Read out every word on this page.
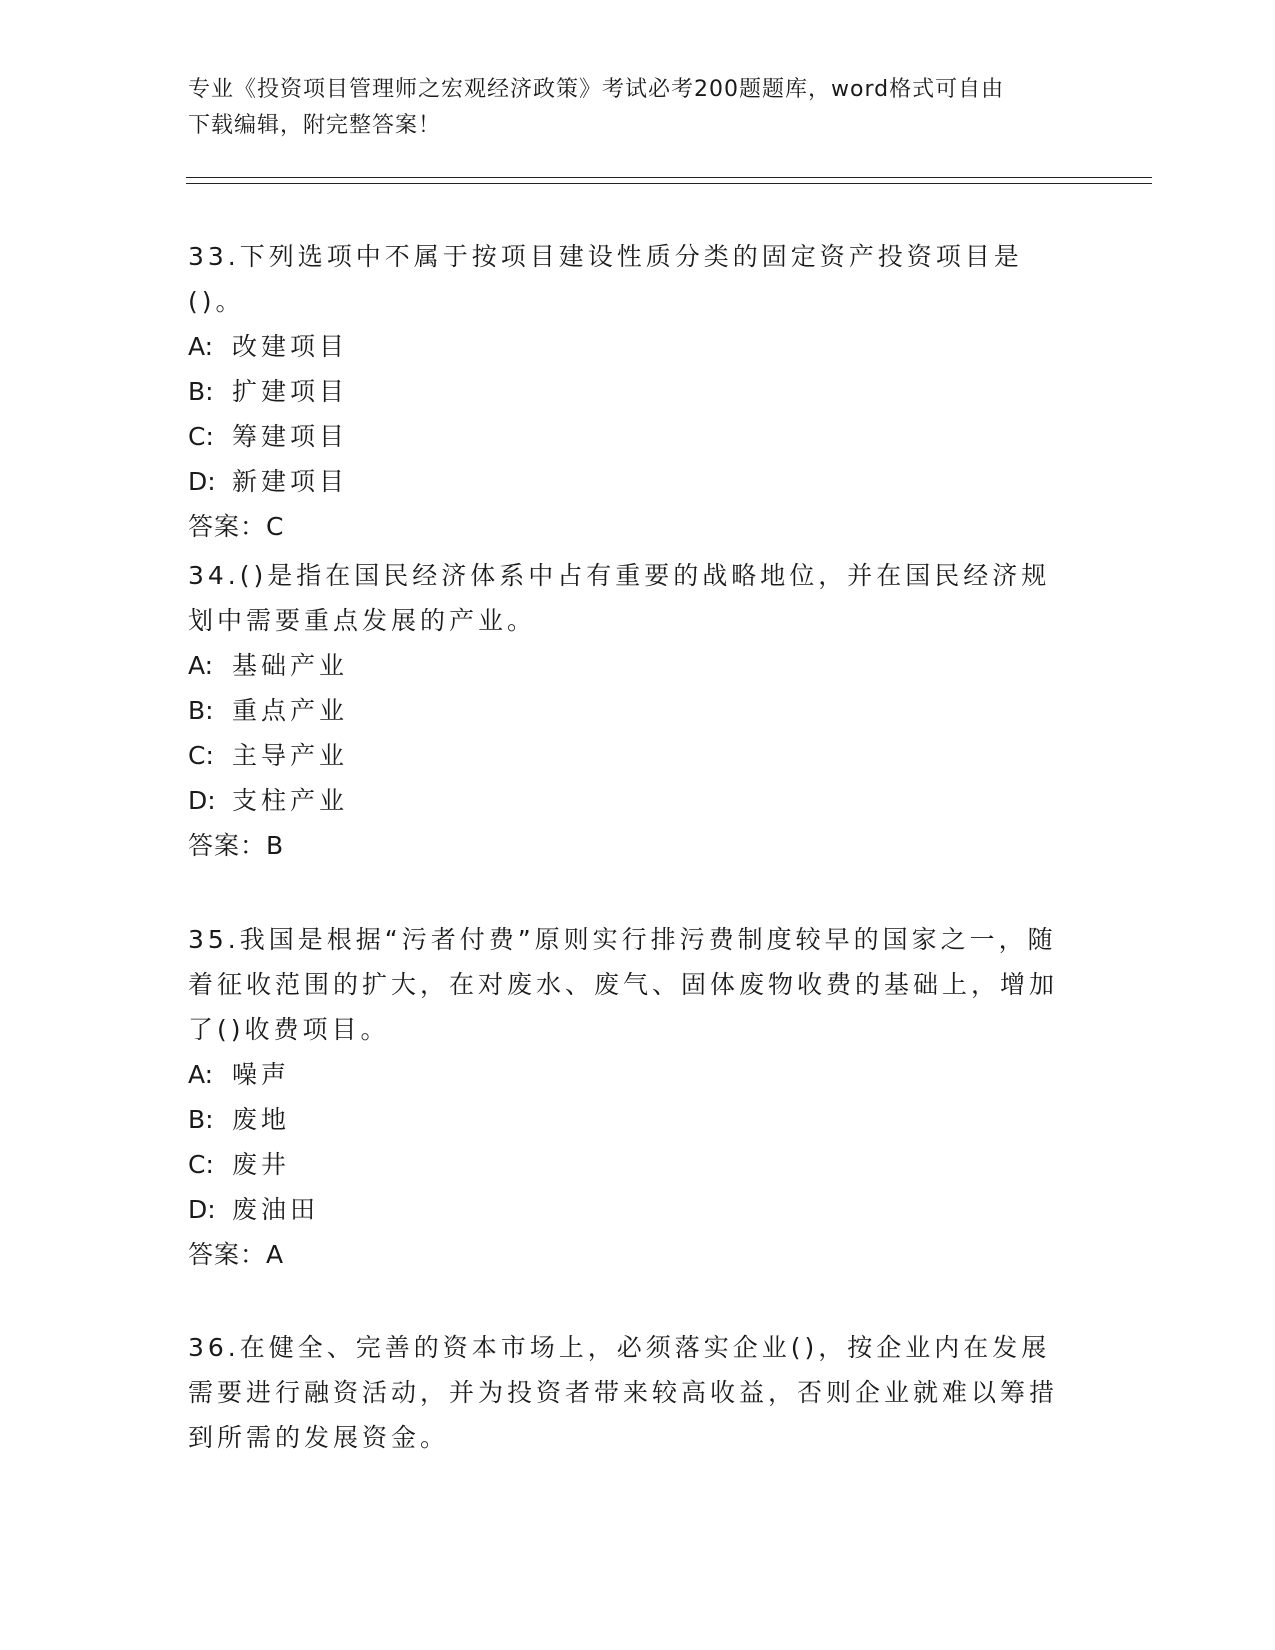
专业《投资项目管理师之宏观经济政策》考试必考200题题库，word格式可自由
下载编辑，附完整答案！
33.下列选项中不属于按项目建设性质分类的固定资产投资项目是()。
A: 改建项目
B: 扩建项目
C: 筹建项目
D: 新建项目
答案：C
34.()是指在国民经济体系中占有重要的战略地位，并在国民经济规划中需要重点发展的产业。
A: 基础产业
B: 重点产业
C: 主导产业
D: 支柱产业
答案：B
35.我国是根据“污者付费”原则实行排污费制度较早的国家之一，随着征收范围的扩大，在对废水、废气、固体废物收费的基础上，增加了()收费项目。
A: 噪声
B: 废地
C: 废井
D: 废油田
答案：A
36.在健全、完善的资本市场上，必须落实企业()，按企业内在发展需要进行融资活动，并为投资者带来较高收益，否则企业就难以筹措到所需的发展资金。
